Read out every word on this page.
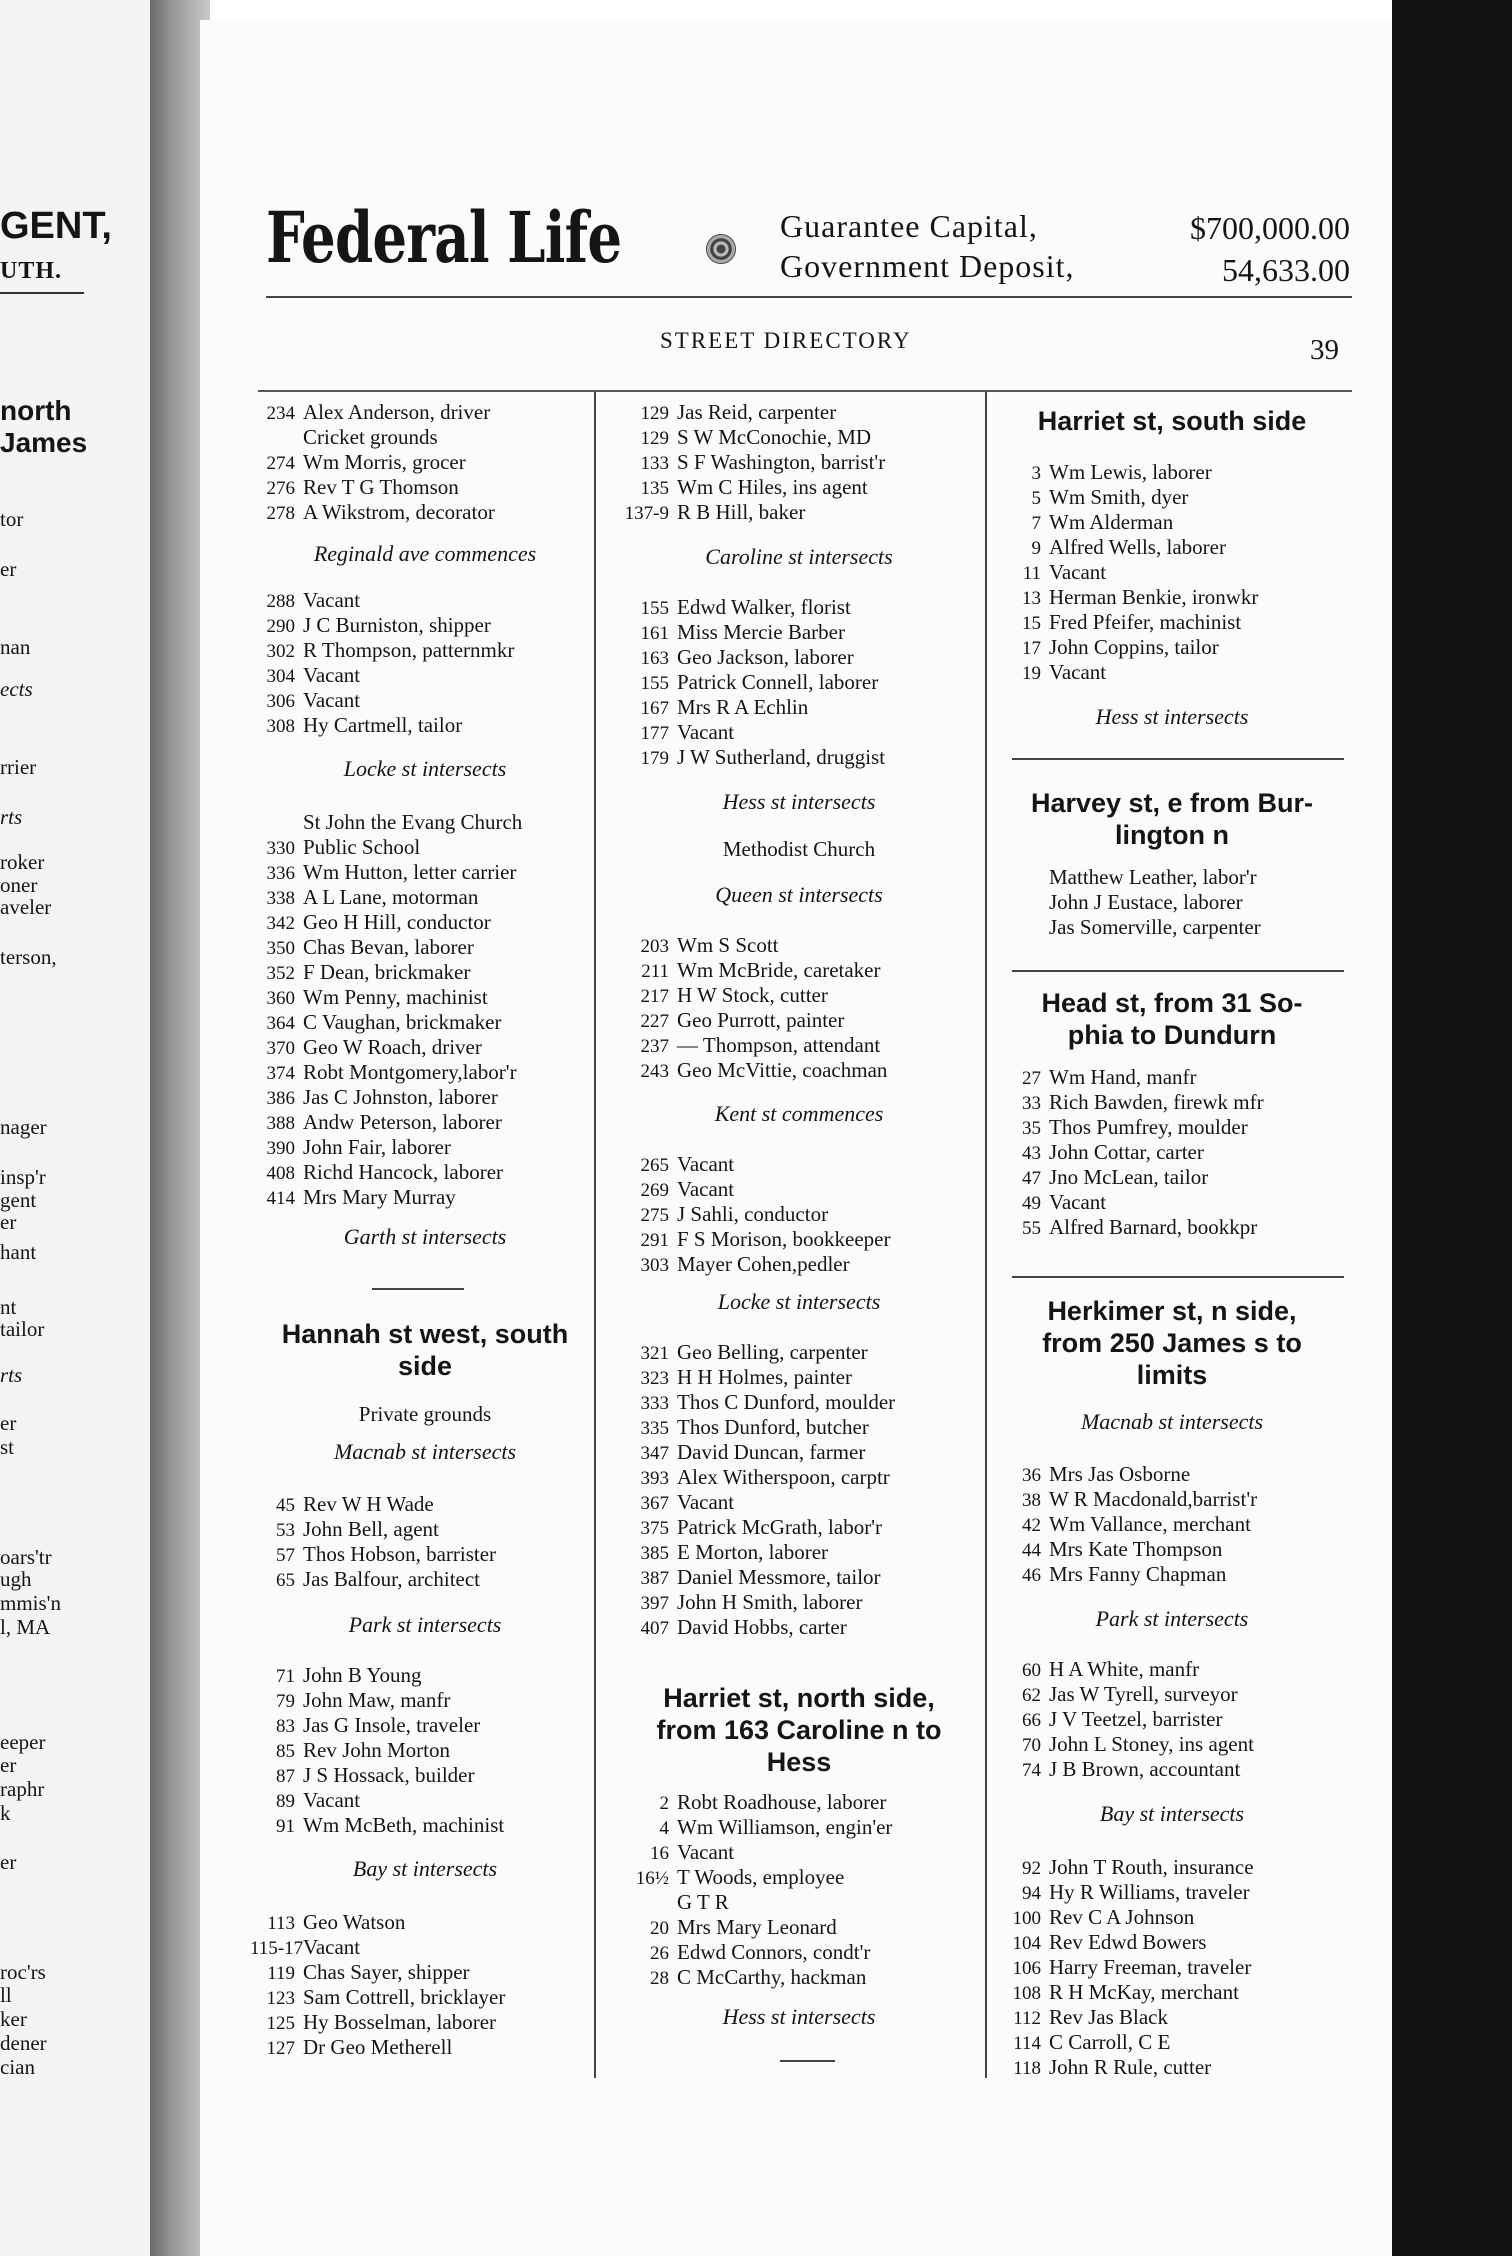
GENT,
UTH.
north
James
tor
er
nan
ects
rrier
rts
roker
oner
aveler
terson,
nager
insp'r
gent
er
hant
nt
tailor
rts
er
st
oars'tr
ugh
mmis'n
l, MA
eeper
er
raphr
k
er
roc'rs
ll
ker
dener
cian
Federal Life	Guarantee Capital,	$700,000.00
Government Deposit,	54,633.00
STREET DIRECTORY	39
234 Alex Anderson, driver
Cricket grounds
274 Wm Morris, grocer
276 Rev T G Thomson
278 A Wikstrom, decorator
Reginald ave commences
288 Vacant
290 J C Burniston, shipper
302 R Thompson, patternmkr
304 Vacant
306 Vacant
308 Hy Cartmell, tailor
Locke st intersects
St John the Evang Church
330 Public School
336 Wm Hutton, letter carrier
338 A L Lane, motorman
342 Geo H Hill, conductor
350 Chas Bevan, laborer
352 F Dean, brickmaker
360 Wm Penny, machinist
364 C Vaughan, brickmaker
370 Geo W Roach, driver
374 Robt Montgomery,labor'r
386 Jas C Johnston, laborer
388 Andw Peterson, laborer
390 John Fair, laborer
408 Richd Hancock, laborer
414 Mrs Mary Murray
Garth st intersects
Hannah st west, south
side
Private grounds
Macnab st intersects
45 Rev W H Wade
53 John Bell, agent
57 Thos Hobson, barrister
65 Jas Balfour, architect
Park st intersects
71 John B Young
79 John Maw, manfr
83 Jas G Insole, traveler
85 Rev John Morton
87 J S Hossack, builder
89 Vacant
91 Wm McBeth, machinist
Bay st intersects
113 Geo Watson
115-17Vacant
119 Chas Sayer, shipper
123 Sam Cottrell, bricklayer
125 Hy Bosselman, laborer
127 Dr Geo Metherell
129 Jas Reid, carpenter
129 S W McConochie, MD
133 S F Washington, barrist'r
135 Wm C Hiles, ins agent
137-9 R B Hill, baker
Caroline st intersects
155 Edwd Walker, florist
161 Miss Mercie Barber
163 Geo Jackson, laborer
155 Patrick Connell, laborer
167 Mrs R A Echlin
177 Vacant
179 J W Sutherland, druggist
Hess st intersects
Methodist Church
Queen st intersects
203 Wm S Scott
211 Wm McBride, caretaker
217 H W Stock, cutter
227 Geo Purrott, painter
237 — Thompson, attendant
243 Geo McVittie, coachman
Kent st commences
265 Vacant
269 Vacant
275 J Sahli, conductor
291 F S Morison, bookkeeper
303 Mayer Cohen,pedler
Locke st intersects
321 Geo Belling, carpenter
323 H H Holmes, painter
333 Thos C Dunford, moulder
335 Thos Dunford, butcher
347 David Duncan, farmer
393 Alex Witherspoon, carptr
367 Vacant
375 Patrick McGrath, labor'r
385 E Morton, laborer
387 Daniel Messmore, tailor
397 John H Smith, laborer
407 David Hobbs, carter
Harriet st, north side,
from 163 Caroline n to
Hess
2 Robt Roadhouse, laborer
4 Wm Williamson, engin'er
16 Vacant
16½ T Woods, employee
G T R
20 Mrs Mary Leonard
26 Edwd Connors, condt'r
28 C McCarthy, hackman
Hess st intersects
Harriet st, south side
3 Wm Lewis, laborer
5 Wm Smith, dyer
7 Wm Alderman
9 Alfred Wells, laborer
11 Vacant
13 Herman Benkie, ironwkr
15 Fred Pfeifer, machinist
17 John Coppins, tailor
19 Vacant
Hess st intersects
Harvey st, e from Bur-
lington n
Matthew Leather, labor'r
John J Eustace, laborer
Jas Somerville, carpenter
Head st, from 31 So-
phia to Dundurn
27 Wm Hand, manfr
33 Rich Bawden, firewk mfr
35 Thos Pumfrey, moulder
43 John Cottar, carter
47 Jno McLean, tailor
49 Vacant
55 Alfred Barnard, bookkpr
Herkimer st, n side,
from 250 James s to
limits
Macnab st intersects
36 Mrs Jas Osborne
38 W R Macdonald,barrist'r
42 Wm Vallance, merchant
44 Mrs Kate Thompson
46 Mrs Fanny Chapman
Park st intersects
60 H A White, manfr
62 Jas W Tyrell, surveyor
66 J V Teetzel, barrister
70 John L Stoney, ins agent
74 J B Brown, accountant
Bay st intersects
92 John T Routh, insurance
94 Hy R Williams, traveler
100 Rev C A Johnson
104 Rev Edwd Bowers
106 Harry Freeman, traveler
108 R H McKay, merchant
112 Rev Jas Black
114 C Carroll, C E
118 John R Rule, cutter
